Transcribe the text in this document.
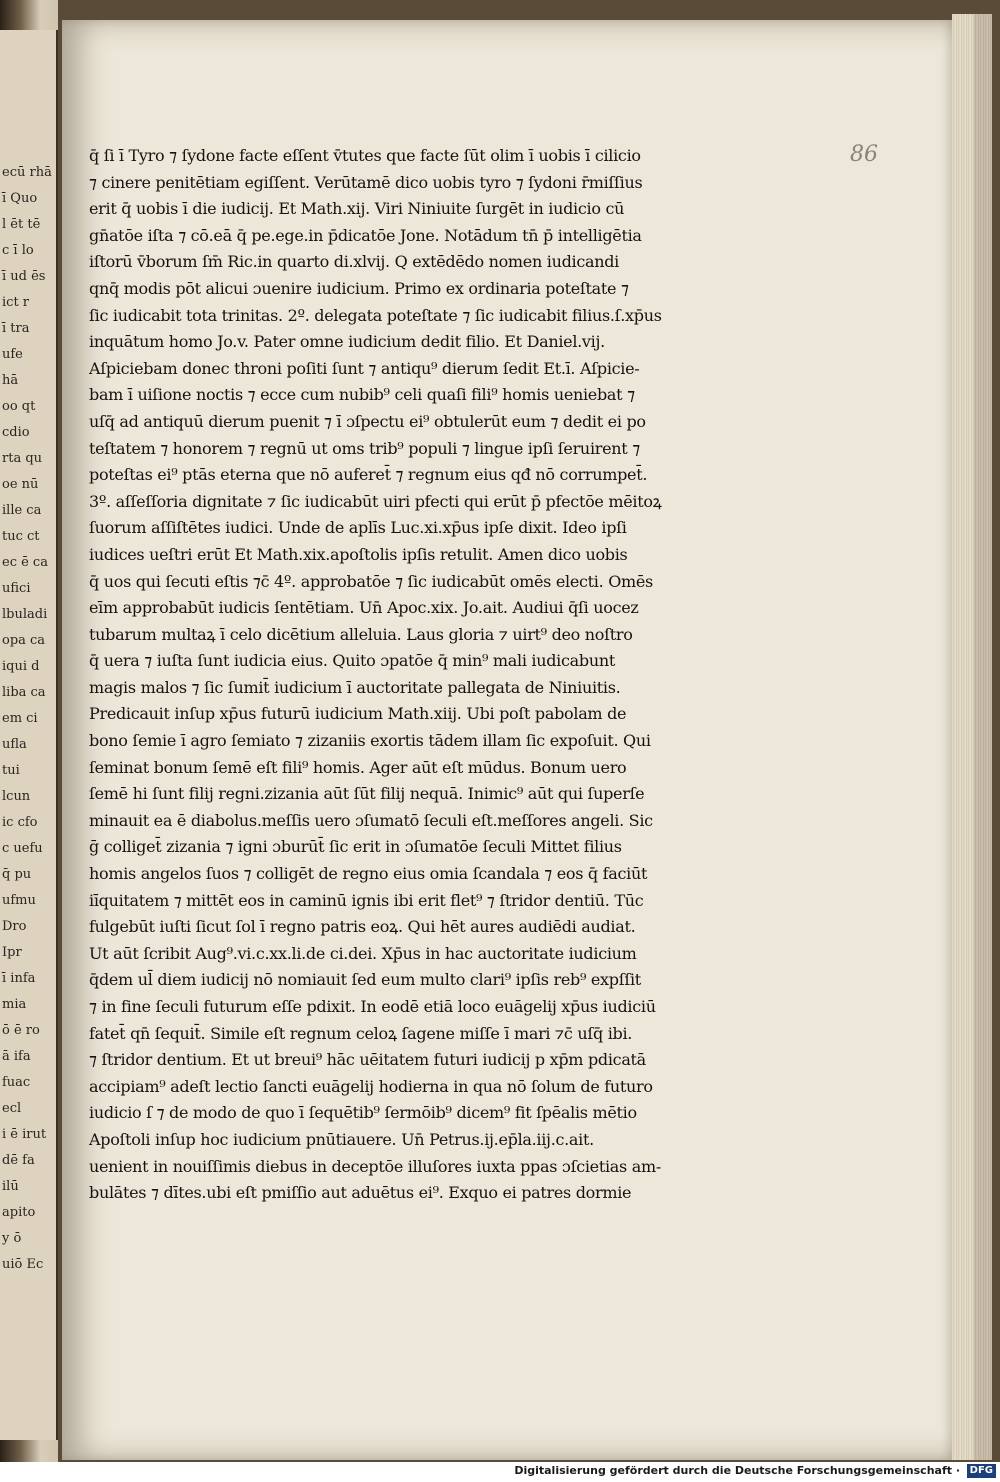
ecū rhā
ī Quo
l ēt tē
c ī lo
ī ud ēs
ict r
ī tra
ufe
hā
oo qt
cdio
rta qu
oe nū
ille ca
tuc ct
ec ē ca
ufici
lbuladi
opa ca
iqui d
liba ca
em ci
ufla
tui
lcun
ic cfo
c uefu
q̄ pu
ufmu
Dro
Ipr
ī infa
mia
ō ē ro
ā ifa
fuac
ecl
i ē irut
dē fa
ilū
apito
y ō
uiō Ec
86
q̄ ſi ī Tyro ⁊ ſydone facte eſſent v̄tutes que facte ſūt olim ī uobis ī cilicio
⁊ cinere penitētiam egiſſent. Verūtamē dico uobis tyro ⁊ ſydoni r̄miſſius
erit q̄ uobis ī die iudicij. Et Math.xij. Viri Niniuite ſurgēt in iudicio cū
gn̄atōe iſta ⁊ cō.eā q̄ pe.ege.in p̄dicatōe Jone. Notādum tn̄ p̄ intelligētia
iſtorū v̄borum ſm̄ Ric.in quarto di.xlvij. Q extēdēdo nomen iudicandi
qnq̄ modis pōt alicui ɔuenire iudicium. Primo ex ordinaria poteſtate ⁊
ſic iudicabit tota trinitas. 2º. delegata poteſtate ⁊ ſic iudicabit filius.ſ.xp̄us
inquātum homo Jo.v. Pater omne iudicium dedit filio. Et Daniel.vij.
Aſpiciebam donec throni poſiti ſunt ⁊ antiqu⁹ dierum ſedit Et.ī. Aſpicie-
bam ī uiſione noctis ⁊ ecce cum nubib⁹ celi quaſi fili⁹ homis ueniebat ⁊
uſq̄ ad antiquū dierum puenit ⁊ ī ɔſpectu ei⁹ obtulerūt eum ⁊ dedit ei po
teſtatem ⁊ honorem ⁊ regnū ut oms trib⁹ populi ⁊ lingue ipſi ſeruirent ⁊
poteſtas ei⁹ ptās eterna que nō auferet̄ ⁊ regnum eius qđ nō corrumpet̄.
3º. aſſeſſoria dignitate ⁊ ſic iudicabūt uiri pfecti qui erūt p̄ pfectōe mēitoꝝ
ſuorum aſſiſtētes iudici. Unde de aplīs Luc.xi.xp̄us ipſe dixit. Ideo ipſi
iudices ueſtri erūt Et Math.xix.apoſtolis ipſis retulit. Amen dico uobis
q̄ uos qui ſecuti eſtis ⁊c̄ 4º. approbatōe ⁊ ſic iudicabūt omēs electi. Omēs
eīm approbabūt iudicis ſentētiam. Un̄ Apoc.xix. Jo.ait. Audiui q̄ſi uocez
tubarum multaꝝ ī celo dicētium alleluia. Laus gloria ⁊ uirt⁹ deo noſtro
q̄ uera ⁊ iuſta ſunt iudicia eius. Quito ɔpatōe q̄ min⁹ mali iudicabunt
magis malos ⁊ ſic ſumit̄ iudicium ī auctoritate pallegata de Niniuitis.
Predicauit inſup xp̄us futurū iudicium Math.xiij. Ubi poſt pabolam de
bono ſemie ī agro ſemiato ⁊ zizaniis exortis tādem illam ſic expoſuit. Qui
ſeminat bonum ſemē eſt fili⁹ homis. Ager aūt eſt mūdus. Bonum uero
ſemē hi ſunt filij regni.zizania aūt ſūt filij nequā. Inimic⁹ aūt qui ſuperſe
minauit ea ē diabolus.meſſis uero ɔſumatō ſeculi eſt.meſſores angeli. Sic
ḡ colliget̄ zizania ⁊ igni ɔburūt̄ ſic erit in ɔſumatōe ſeculi Mittet filius
homis angelos ſuos ⁊ colligēt de regno eius omia ſcandala ⁊ eos q̄ faciūt
iīquitatem ⁊ mittēt eos in caminū ignis ibi erit flet⁹ ⁊ ſtridor dentiū. Tūc
fulgebūt iuſti ſicut ſol ī regno patris eoꝝ. Qui hēt aures audiēdi audiat.
Ut aūt ſcribit Aug⁹.vi.c.xx.li.de ci.dei. Xp̄us in hac auctoritate iudicium
q̄dem ul̄ diem iudicij nō nomiauit ſed eum multo clari⁹ ipſis reb⁹ expſſit
⁊ in fine ſeculi futurum eſſe pdixit. In eodē etiā loco euāgelij xp̄us iudiciū
fatet̄ qn̄ ſequit̄. Simile eſt regnum celoꝝ ſagene miſſe ī mari ⁊c̄ uſq̄ ibi.
⁊ ſtridor dentium. Et ut breui⁹ hāc uēitatem futuri iudicij p xp̄m pdicatā
accipiam⁹ adeſt lectio ſancti euāgelij hodierna in qua nō ſolum de futuro
iudicio ſ ⁊ de modo de quo ī ſequētib⁹ ſermōib⁹ dicem⁹ fit ſpēalis mētio
Apoſtoli inſup hoc iudicium pnūtiauere. Un̄ Petrus.ij.ep̄la.iij.c.ait.
uenient in nouiſſimis diebus in deceptōe illuſores iuxta ppas ɔſcietias am-
bulātes ⁊ dītes.ubi eſt pmiſſio aut aduētus ei⁹. Exquo ei patres dormie
Digitalisierung gefördert durch die Deutsche Forschungsgemeinschaft · DFG
